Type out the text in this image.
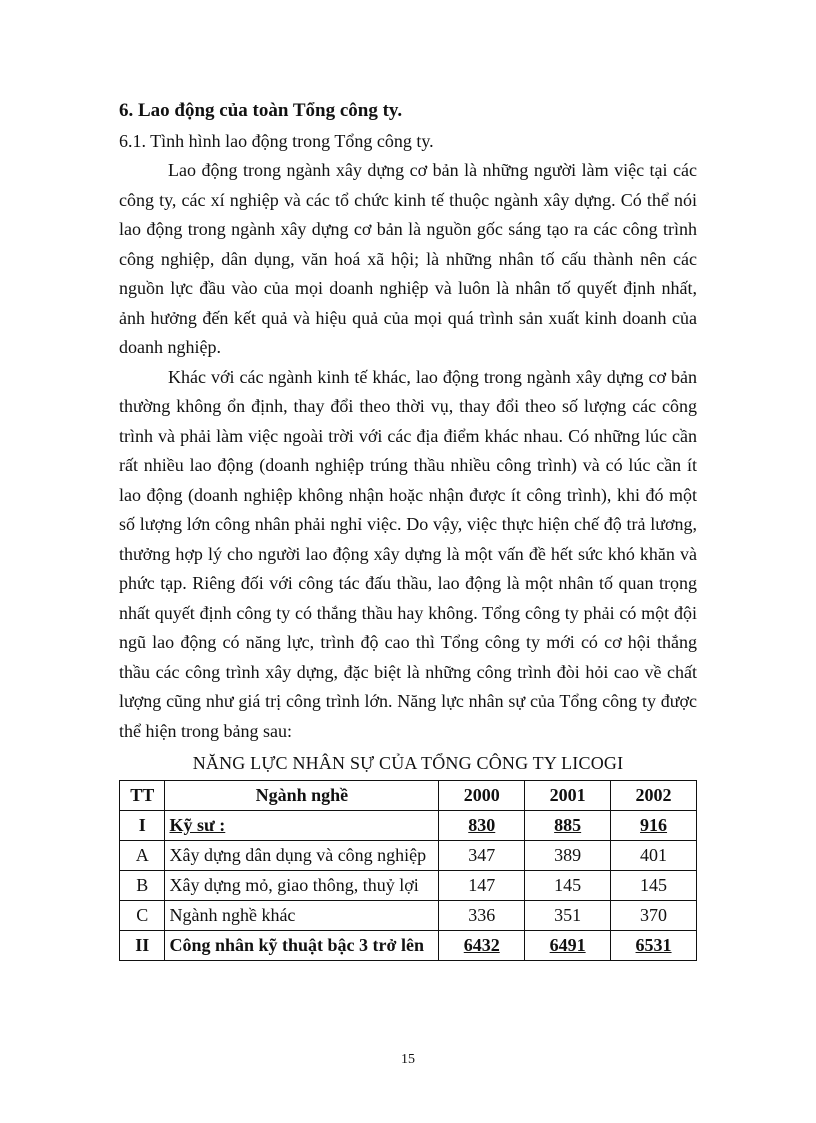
6. Lao động của toàn Tổng công ty.

6.1. Tình hình lao động trong Tổng công ty.

Lao động trong ngành xây dựng cơ bản là những người làm việc tại các công ty, các xí nghiệp và các tổ chức kinh tế thuộc ngành xây dựng. Có thể nói lao động trong ngành xây dựng cơ bản là nguồn gốc sáng tạo ra các công trình công nghiệp, dân dụng, văn hoá xã hội; là những nhân tố cấu thành nên các nguồn lực đầu vào của mọi doanh nghiệp và luôn là nhân tố quyết định nhất, ảnh hưởng đến kết quả và hiệu quả của mọi quá trình sản xuất kinh doanh của doanh nghiệp.

Khác với các ngành kinh tế khác, lao động trong ngành xây dựng cơ bản thường không ổn định, thay đổi theo thời vụ, thay đổi theo số lượng các công trình và phải làm việc ngoài trời với các địa điểm khác nhau. Có những lúc cần rất nhiều lao động (doanh nghiệp trúng thầu nhiều công trình) và có lúc cần ít lao động (doanh nghiệp không nhận hoặc nhận được ít công trình), khi đó một số lượng lớn công nhân phải nghỉ việc. Do vậy, việc thực hiện chế độ trả lương, thưởng hợp lý cho người lao động xây dựng là một vấn đề hết sức khó khăn và phức tạp. Riêng đối với công tác đấu thầu, lao động là một nhân tố quan trọng nhất quyết định công ty có thắng thầu hay không. Tổng công ty phải có một đội ngũ lao động có năng lực, trình độ cao thì Tổng công ty mới có cơ hội thắng thầu các công trình xây dựng, đặc biệt là những công trình đòi hỏi cao về chất lượng cũng như giá trị công trình lớn. Năng lực nhân sự của Tổng công ty được thể hiện trong bảng sau:

NĂNG LỰC NHÂN SỰ CỦA TỔNG CÔNG TY LICOGI

TT	Ngành nghề	2000	2001	2002
I	Kỹ sư :	830	885	916
A	Xây dựng dân dụng và công nghiệp	347	389	401
B	Xây dựng mỏ, giao thông, thuỷ lợi	147	145	145
C	Ngành nghề khác	336	351	370
II	Công nhân kỹ thuật bậc 3 trở lên	6432	6491	6531
15
